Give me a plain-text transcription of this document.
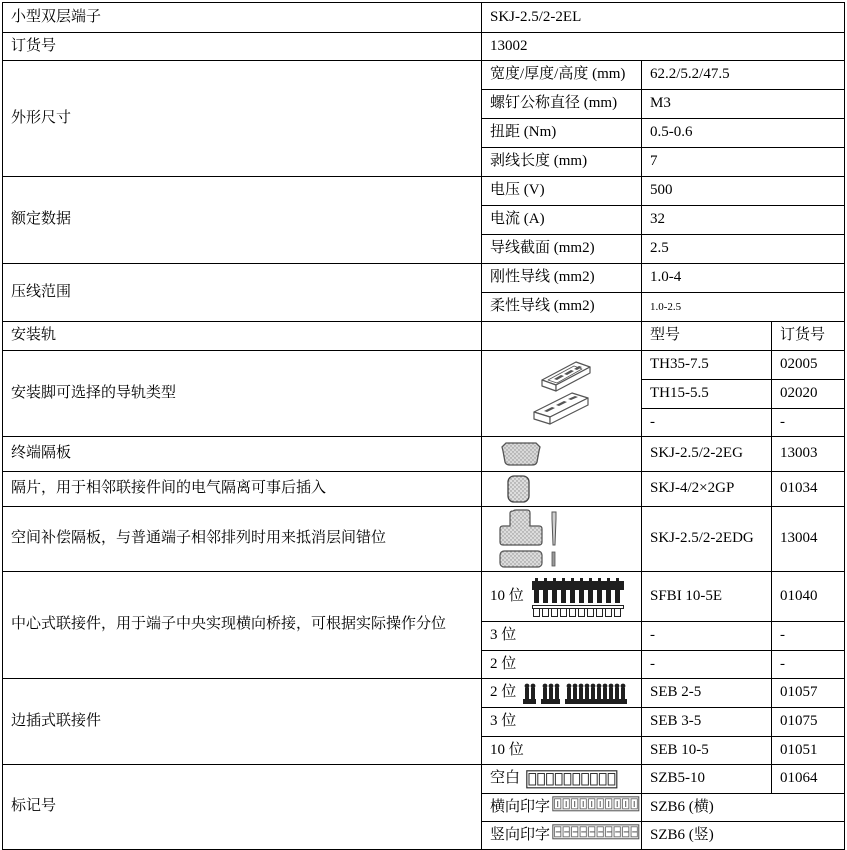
小型双层端子	SKJ-2.5/2-2EL		
订货号	13002		
外形尺寸	宽度/厚度/高度 (mm)	62.2/5.2/47.5	
	螺钉公称直径 (mm)	M3	
	扭距 (Nm)	0.5-0.6	
	剥线长度 (mm)	7	
额定数据	电压 (V)	500	
	电流 (A)	32	
	导线截面 (mm2)	2.5	
压线范围	刚性导线 (mm2)	1.0-4	
	柔性导线 (mm2)	1.0-2.5	
安装轨		型号	订货号
安装脚可选择的导轨类型		TH35-7.5	02005
		TH15-5.5	02020
		-	-
终端隔板		SKJ-2.5/2-2EG	13003
隔片，用于相邻联接件间的电气隔离可事后插入		SKJ-4/2×2GP	01034
空间补偿隔板，与普通端子相邻排列时用来抵消层间错位		SKJ-2.5/2-2EDG	13004
中心式联接件，用于端子中央实现横向桥接，可根据实际操作分位	10 位	SFBI 10-5E	01040
	3 位	-	-
	2 位	-	-
边插式联接件	2 位	SEB 2-5	01057
	3 位	SEB 3-5	01075
	10 位	SEB 10-5	01051
标记号	空白	SZB5-10	01064

	横向印字	SZB6 (横)	

	竖向印字	SZB6 (竖)	
